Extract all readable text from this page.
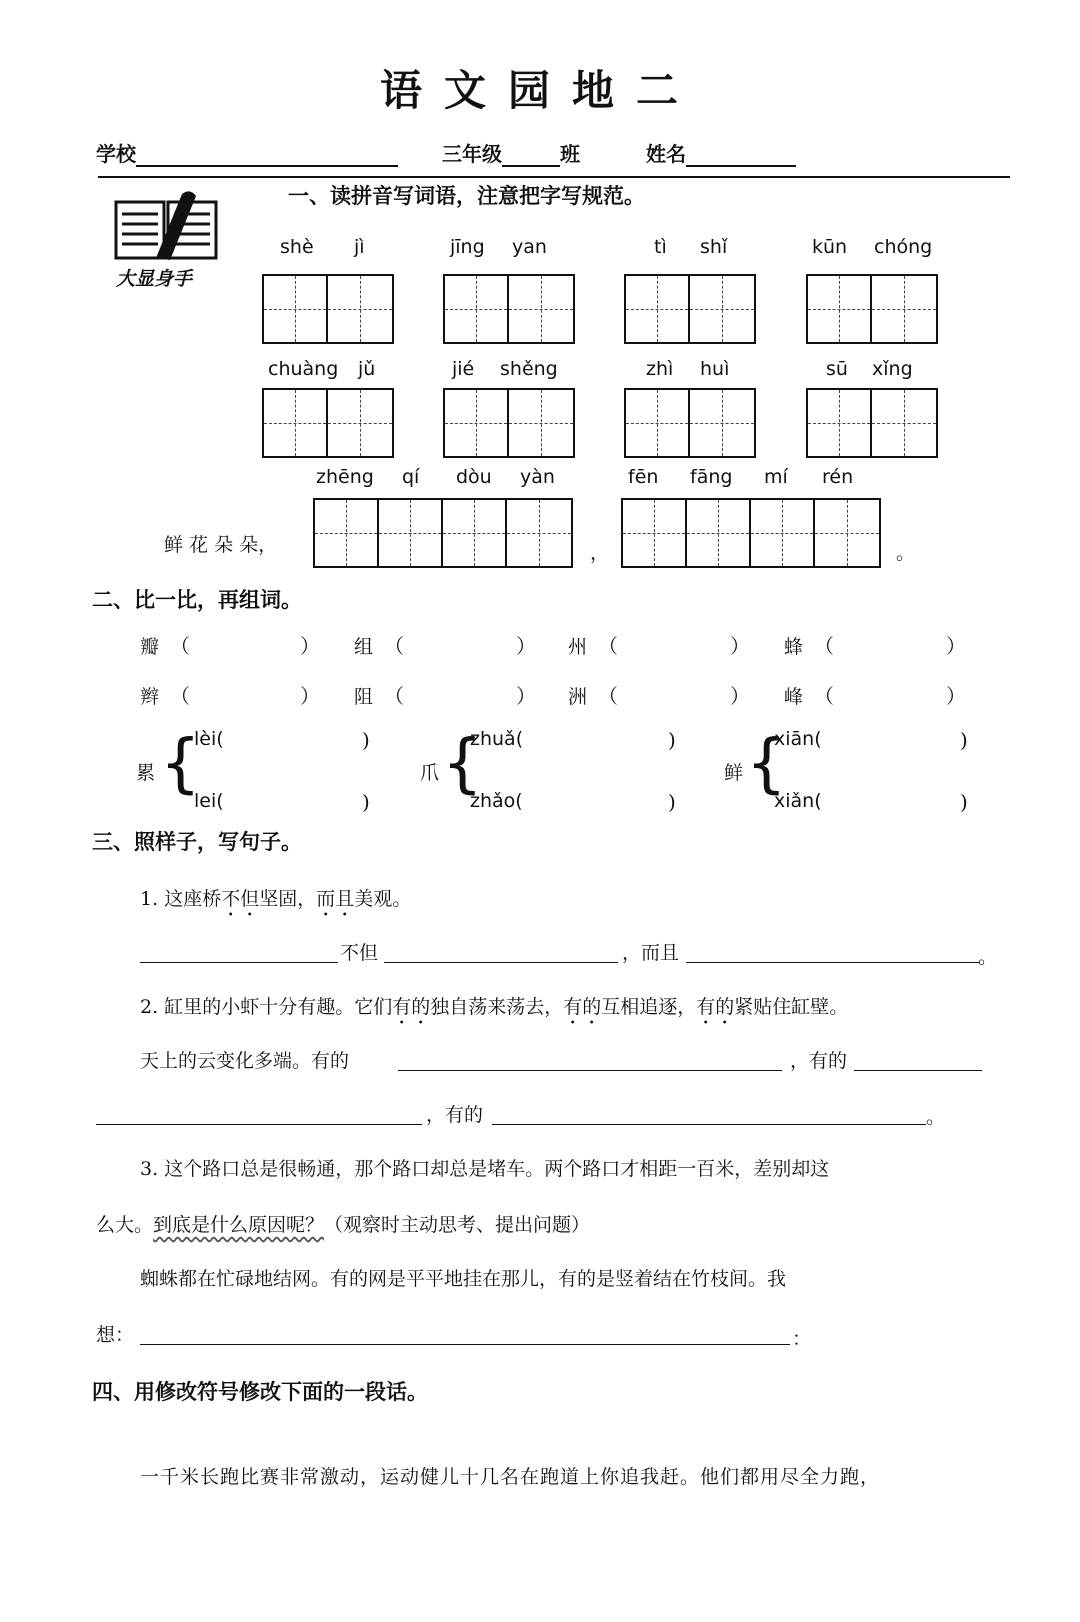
语文园地二
学校	三年级	班	姓名
大显身手
一、读拼音写词语，注意把字写规范。
shè jì	jīng yan	tì shǐ	kūn chóng
chuàng jǔ	jié shěng	zhì huì	sū xǐng
zhēng qí dòu yàn	fēn fāng mí rén
鲜 花 朵 朵，	，	。
二、比一比，再组词。
瓣 （	） 组 （	） 州 （	） 蜂 （	）
辫 （	） 阻 （	） 洲 （	） 峰 （	）
累 {
lèi(	)
lei(	)
爪 {
zhuǎ(	)
zhǎo(	)
鲜 {
xiān(	)
xiǎn(	)
三、照样子，写句子。
1. 这座桥不但坚固，而且美观。
不但	，而且	。
2. 缸里的小虾十分有趣。它们有的独自荡来荡去，有的互相追逐，有的紧贴住缸壁。
天上的云变化多端。有的	，有的
，有的	。
3. 这个路口总是很畅通，那个路口却总是堵车。两个路口才相距一百米，差别却这
么大。到底是什么原因呢？（观察时主动思考、提出问题）
蜘蛛都在忙碌地结网。有的网是平平地挂在那儿，有的是竖着结在竹枝间。我
想：	：
四、用修改符号修改下面的一段话。
一千米长跑比赛非常激动，运动健儿十几名在跑道上你追我赶。他们都用尽全力跑，
